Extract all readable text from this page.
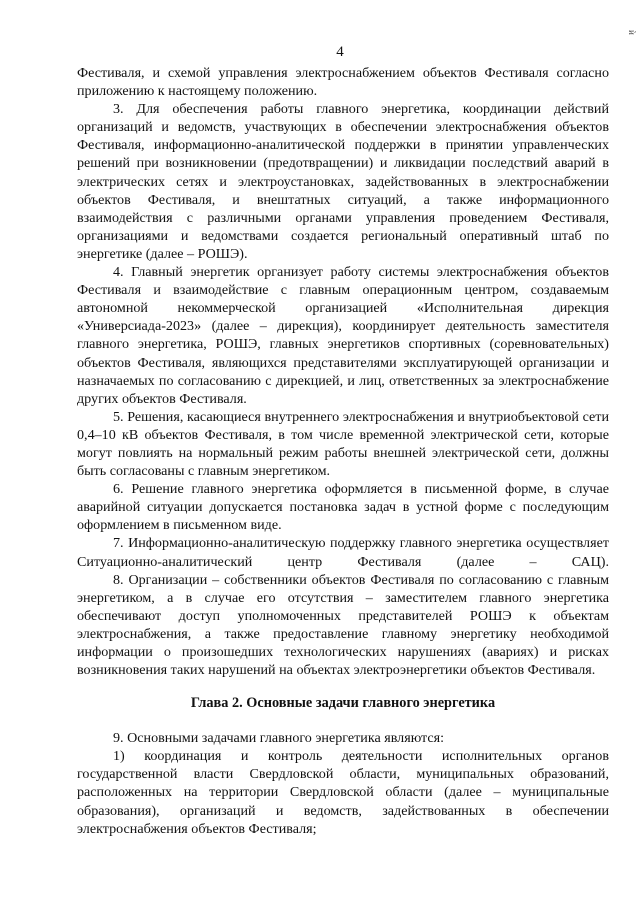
4
ѝ

Фестиваля, и схемой управления электроснабжением объектов Фестиваля согласно приложению к настоящему положению.

3. Для обеспечения работы главного энергетика, координации действий организаций и ведомств, участвующих в обеспечении электроснабжения объектов Фестиваля, информационно-аналитической поддержки в принятии управленческих решений при возникновении (предотвращении) и ликвидации последствий аварий в электрических сетях и электроустановках, задействованных в электроснабжении объектов Фестиваля, и внештатных ситуаций, а также информационного взаимодействия с различными органами управления проведением Фестиваля, организациями и ведомствами создается региональный оперативный штаб по энергетике (далее – РОШЭ).

4. Главный энергетик организует работу системы электроснабжения объектов Фестиваля и взаимодействие с главным операционным центром, создаваемым автономной некоммерческой организацией «Исполнительная дирекция «Универсиада-2023» (далее – дирекция), координирует деятельность заместителя главного энергетика, РОШЭ, главных энергетиков спортивных (соревновательных) объектов Фестиваля, являющихся представителями эксплуатирующей организации и назначаемых по согласованию с дирекцией, и лиц, ответственных за электроснабжение других объектов Фестиваля.

5. Решения, касающиеся внутреннего электроснабжения и внутриобъектовой сети 0,4–10 кВ объектов Фестиваля, в том числе временной электрической сети, которые могут повлиять на нормальный режим работы внешней электрической сети, должны быть согласованы с главным энергетиком.

6. Решение главного энергетика оформляется в письменной форме, в случае аварийной ситуации допускается постановка задач в устной форме с последующим оформлением в письменном виде.

7. Информационно-аналитическую поддержку главного энергетика осуществляет Ситуационно-аналитический центр Фестиваля (далее – САЦ).

8. Организации – собственники объектов Фестиваля по согласованию с главным энергетиком, а в случае его отсутствия – заместителем главного энергетика обеспечивают доступ уполномоченных представителей РОШЭ к объектам электроснабжения, а также предоставление главному энергетику необходимой информации о произошедших технологических нарушениях (авариях) и рисках возникновения таких нарушений на объектах электроэнергетики объектов Фестиваля.

Глава 2. Основные задачи главного энергетика

9. Основными задачами главного энергетика являются:

1) координация и контроль деятельности исполнительных органов государственной власти Свердловской области, муниципальных образований, расположенных на территории Свердловской области (далее – муниципальные образования), организаций и ведомств, задействованных в обеспечении электроснабжения объектов Фестиваля;
